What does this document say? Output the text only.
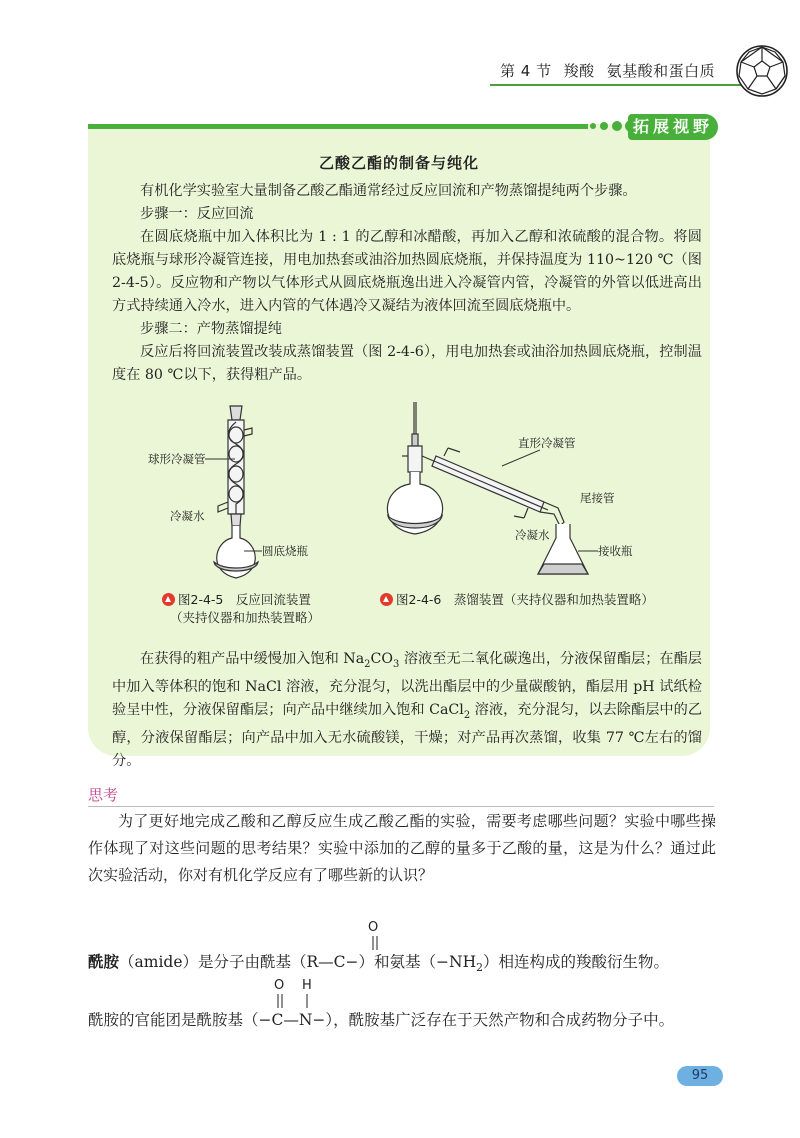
第 4 节 羧酸 氨基酸和蛋白质
拓展视野
乙酸乙酯的制备与纯化

有机化学实验室大量制备乙酸乙酯通常经过反应回流和产物蒸馏提纯两个步骤。

步骤一：反应回流

在圆底烧瓶中加入体积比为 1 : 1 的乙醇和冰醋酸，再加入乙醇和浓硫酸的混合物。将圆底烧瓶与球形冷凝管连接，用电加热套或油浴加热圆底烧瓶，并保持温度为 110~120 ℃（图 2-4-5）。反应物和产物以气体形式从圆底烧瓶逸出进入冷凝管内管，冷凝管的外管以低进高出方式持续通入冷水，进入内管的气体遇冷又凝结为液体回流至圆底烧瓶中。

步骤二：产物蒸馏提纯

反应后将回流装置改装成蒸馏装置（图 2-4-6），用电加热套或油浴加热圆底烧瓶，控制温度在 80 ℃以下，获得粗产品。

球形冷凝管
冷凝水
圆底烧瓶
图2-4-5　反应回流装置
（夹持仪器和加热装置略）
直形冷凝管
尾接管
冷凝水
接收瓶
图2-4-6　蒸馏装置（夹持仪器和加热装置略）

在获得的粗产品中缓慢加入饱和 $Na_2CO_3$ 溶液至无二氧化碳逸出，分液保留酯层；在酯层中加入等体积的饱和 NaCl 溶液，充分混匀，以洗出酯层中的少量碳酸钠，酯层用 pH 试纸检验呈中性，分液保留酯层；向产品中继续加入饱和 CaCl$_2$ 溶液，充分混匀，以去除酯层中的乙醇，分液保留酯层；向产品中加入无水硫酸镁，干燥；对产品再次蒸馏，收集 77 ℃左右的馏分。

思考

为了更好地完成乙酸和乙醇反应生成乙酸乙酯的实验，需要考虑哪些问题？实验中哪些操作体现了对这些问题的思考结果？实验中添加的乙醇的量多于乙酸的量，这是为什么？通过此次实验活动，你对有机化学反应有了哪些新的认识？

O
酰胺（amide）是分子由酰基（R—C−）和氨基$(-NH_2)$相连构成的羧酸衍生物。
O H
酰胺的官能团是酰胺基（−C—N−），酰胺基广泛存在于天然产物和合成药物分子中。
95
